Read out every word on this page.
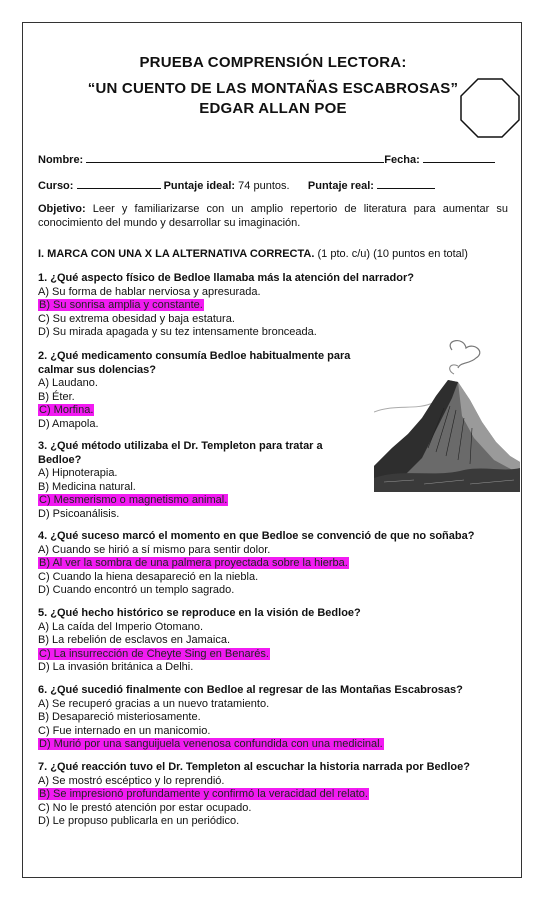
PRUEBA COMPRENSIÓN LECTORA:
“UN CUENTO DE LAS MONTAÑAS ESCABROSAS”
EDGAR ALLAN POE
Nombre:	Fecha:
Curso:	Puntaje ideal: 74 puntos. Puntaje real:
Objetivo: Leer y familiarizarse con un amplio repertorio de literatura para aumentar su conocimiento del mundo y desarrollar su imaginación.
I. MARCA CON UNA X LA ALTERNATIVA CORRECTA. (1 pto. c/u) (10 puntos en total)
1. ¿Qué aspecto físico de Bedloe llamaba más la atención del narrador?
A) Su forma de hablar nerviosa y apresurada.
B) Su sonrisa amplia y constante.
C) Su extrema obesidad y baja estatura.
D) Su mirada apagada y su tez intensamente bronceada.
2. ¿Qué medicamento consumía Bedloe habitualmente para
calmar sus dolencias?
A) Laudano.
B) Éter.
C) Morfina.
D) Amapola.
3. ¿Qué método utilizaba el Dr. Templeton para tratar a
Bedloe?
A) Hipnoterapia.
B) Medicina natural.
C) Mesmerismo o magnetismo animal.
D) Psicoanálisis.
4. ¿Qué suceso marcó el momento en que Bedloe se convenció de que no soñaba?
A) Cuando se hirió a sí mismo para sentir dolor.
B) Al ver la sombra de una palmera proyectada sobre la hierba.
C) Cuando la hiena desapareció en la niebla.
D) Cuando encontró un templo sagrado.
5. ¿Qué hecho histórico se reproduce en la visión de Bedloe?
A) La caída del Imperio Otomano.
B) La rebelión de esclavos en Jamaica.
C) La insurrección de Cheyte Sing en Benarés.
D) La invasión británica a Delhi.
6. ¿Qué sucedió finalmente con Bedloe al regresar de las Montañas Escabrosas?
A) Se recuperó gracias a un nuevo tratamiento.
B) Desapareció misteriosamente.
C) Fue internado en un manicomio.
D) Murió por una sanguijuela venenosa confundida con una medicinal.
7. ¿Qué reacción tuvo el Dr. Templeton al escuchar la historia narrada por Bedloe?
A) Se mostró escéptico y lo reprendió.
B) Se impresionó profundamente y confirmó la veracidad del relato.
C) No le prestó atención por estar ocupado.
D) Le propuso publicarla en un periódico.
